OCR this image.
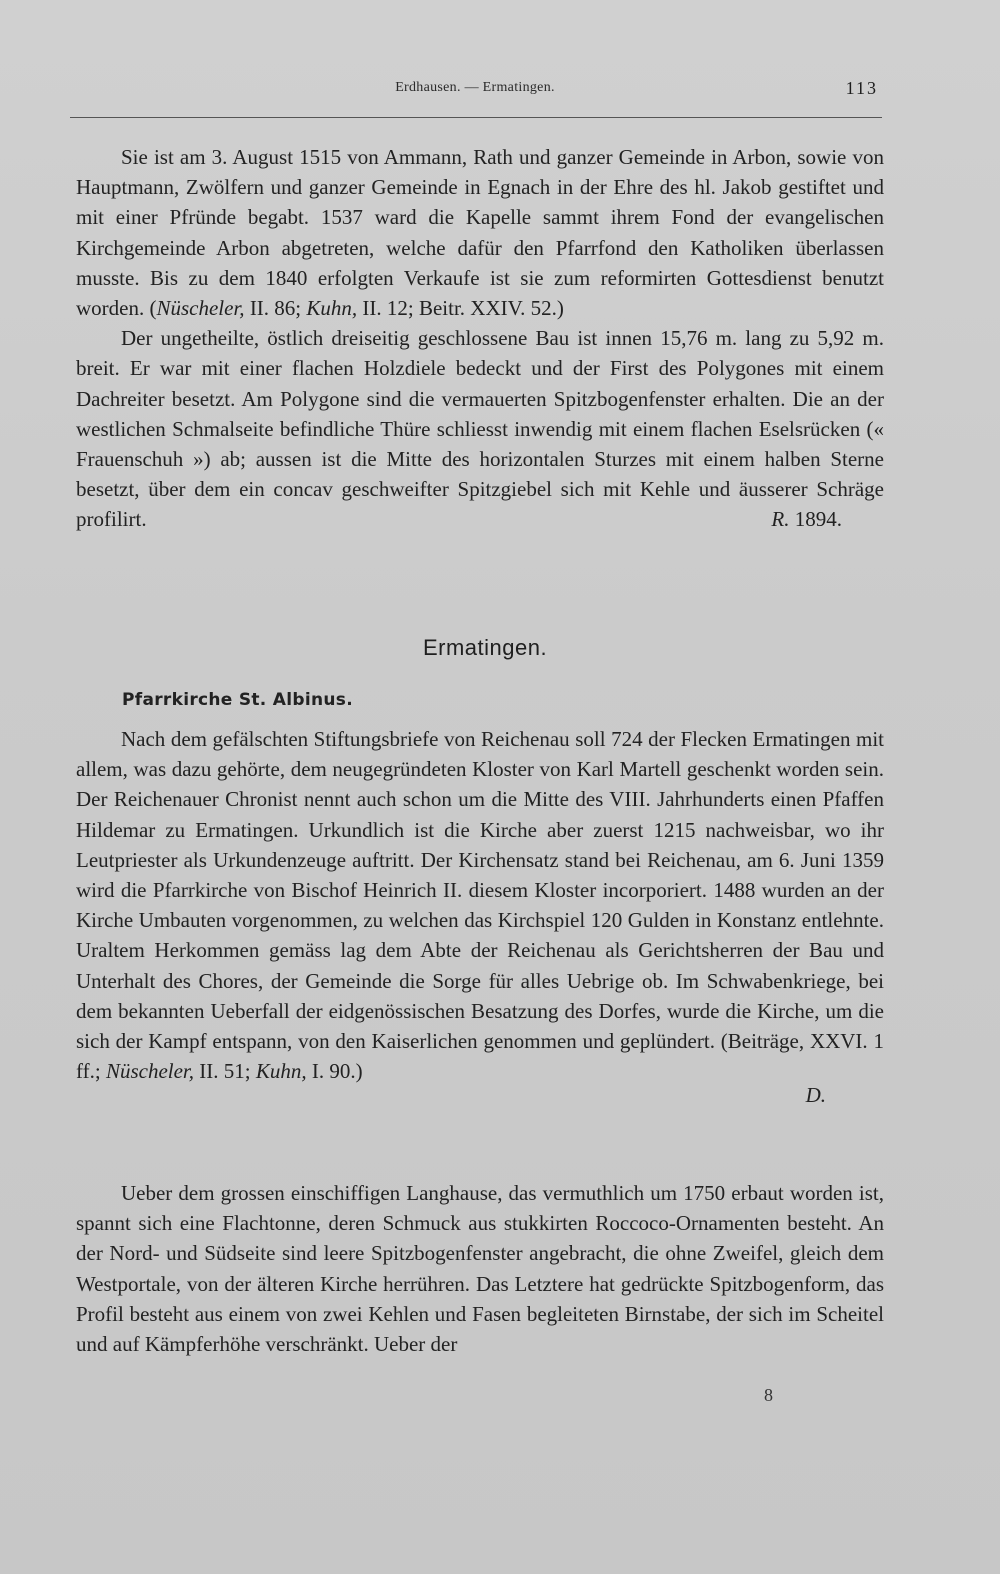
Erdhausen. — Ermatingen.	113

Sie ist am 3. August 1515 von Ammann, Rath und ganzer Gemeinde in Arbon, sowie von Hauptmann, Zwölfern und ganzer Gemeinde in Egnach in der Ehre des hl. Jakob gestiftet und mit einer Pfründe begabt. 1537 ward die Kapelle sammt ihrem Fond der evangelischen Kirchgemeinde Arbon abgetreten, welche dafür den Pfarrfond den Katholiken überlassen musste. Bis zu dem 1840 erfolgten Verkaufe ist sie zum reformirten Gottesdienst benutzt worden. (Nüscheler, II. 86; Kuhn, II. 12; Beitr. XXIV. 52.)

Der ungetheilte, östlich dreiseitig geschlossene Bau ist innen 15,76 m. lang zu 5,92 m. breit. Er war mit einer flachen Holzdiele bedeckt und der First des Polygones mit einem Dachreiter besetzt. Am Polygone sind die vermauerten Spitzbogenfenster erhalten. Die an der westlichen Schmalseite befindliche Thüre schliesst inwendig mit einem flachen Eselsrücken (« Frauenschuh ») ab; aussen ist die Mitte des horizontalen Sturzes mit einem halben Sterne besetzt, über dem ein concav geschweifter Spitzgiebel sich mit Kehle und äusserer Schräge profilirt.	R. 1894.

Ermatingen.
Pfarrkirche St. Albinus.

Nach dem gefälschten Stiftungsbriefe von Reichenau soll 724 der Flecken Ermatingen mit allem, was dazu gehörte, dem neugegründeten Kloster von Karl Martell geschenkt worden sein. Der Reichenauer Chronist nennt auch schon um die Mitte des VIII. Jahrhunderts einen Pfaffen Hildemar zu Ermatingen. Urkundlich ist die Kirche aber zuerst 1215 nachweisbar, wo ihr Leutpriester als Urkundenzeuge auftritt. Der Kirchensatz stand bei Reichenau, am 6. Juni 1359 wird die Pfarrkirche von Bischof Heinrich II. diesem Kloster incorporiert. 1488 wurden an der Kirche Umbauten vorgenommen, zu welchen das Kirchspiel 120 Gulden in Konstanz entlehnte. Uraltem Herkommen gemäss lag dem Abte der Reichenau als Gerichtsherren der Bau und Unterhalt des Chores, der Gemeinde die Sorge für alles Uebrige ob. Im Schwabenkriege, bei dem bekannten Ueberfall der eidgenössischen Besatzung des Dorfes, wurde die Kirche, um die sich der Kampf entspann, von den Kaiserlichen genommen und geplündert. (Beiträge, XXVI. 1 ff.; Nüscheler, II. 51; Kuhn, I. 90.)

D.

Ueber dem grossen einschiffigen Langhause, das vermuthlich um 1750 erbaut worden ist, spannt sich eine Flachtonne, deren Schmuck aus stukkirten Roccoco-Ornamenten besteht. An der Nord- und Südseite sind leere Spitzbogenfenster angebracht, die ohne Zweifel, gleich dem Westportale, von der älteren Kirche herrühren. Das Letztere hat gedrückte Spitzbogenform, das Profil besteht aus einem von zwei Kehlen und Fasen begleiteten Birnstabe, der sich im Scheitel und auf Kämpferhöhe verschränkt. Ueber der

8
